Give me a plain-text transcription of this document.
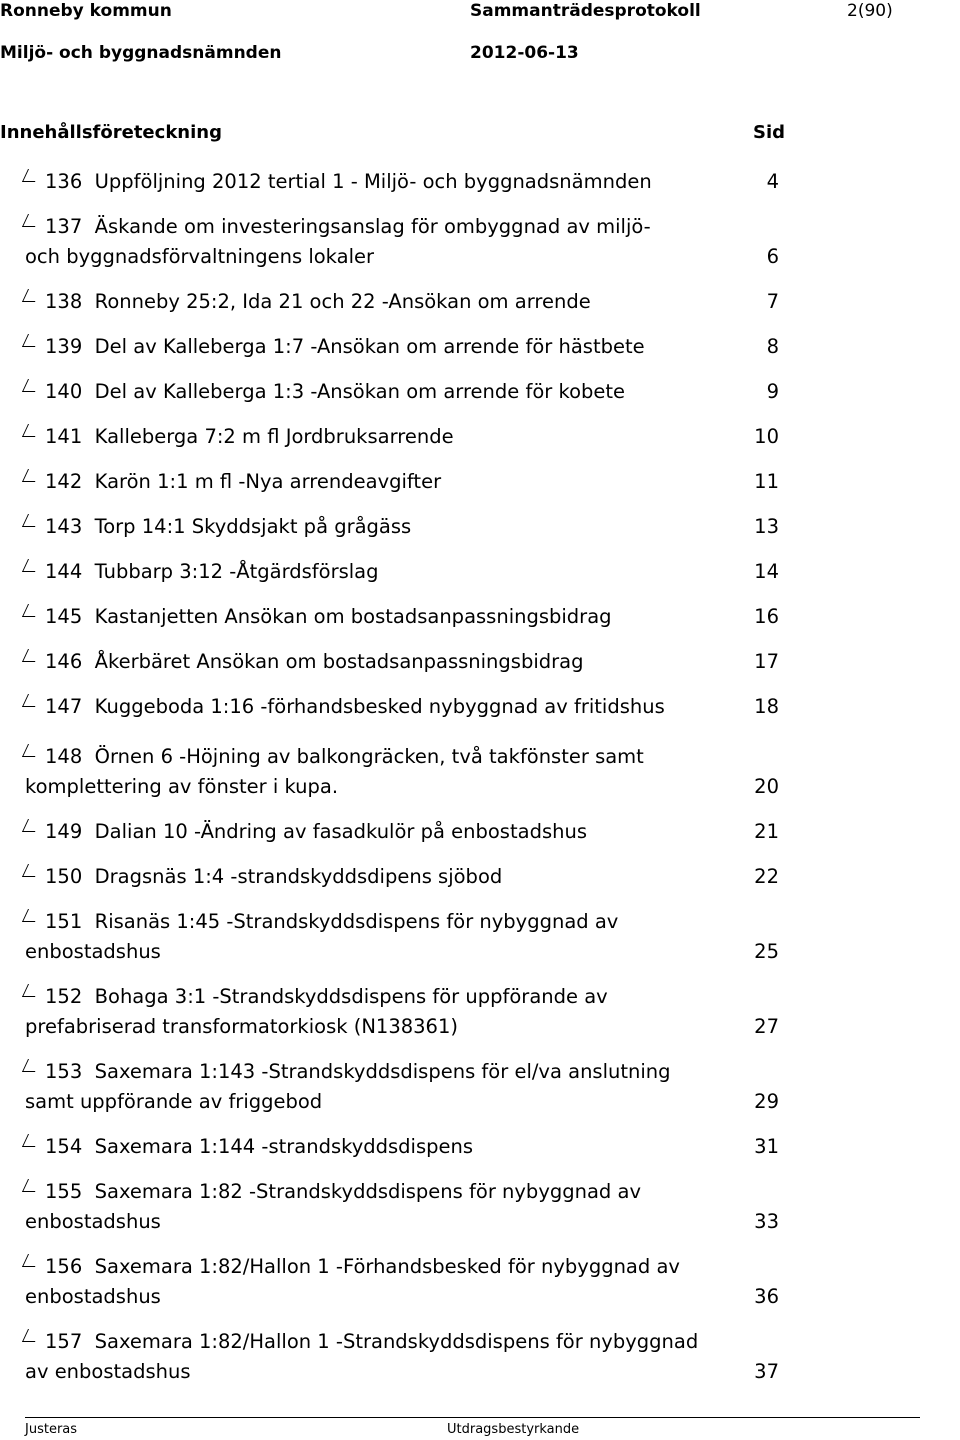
Ronneby kommun	Sammanträdesprotokoll	2(90)
Miljö- och byggnadsnämnden	2012-06-13
Innehållsföreteckning	Sid
136 Uppföljning 2012 tertial 1 - Miljö- och byggnadsnämnden	4
137 Äskande om investeringsanslag för ombyggnad av miljö-
och byggnadsförvaltningens lokaler	6
138 Ronneby 25:2, Ida 21 och 22 -Ansökan om arrende	7
139 Del av Kalleberga 1:7 -Ansökan om arrende för hästbete	8
140 Del av Kalleberga 1:3 -Ansökan om arrende för kobete	9
141 Kalleberga 7:2 m fl Jordbruksarrende	10
142 Karön 1:1 m fl -Nya arrendeavgifter	11
143 Torp 14:1 Skyddsjakt på grågäss	13
144 Tubbarp 3:12 -Åtgärdsförslag	14
145 Kastanjetten Ansökan om bostadsanpassningsbidrag	16
146 Åkerbäret Ansökan om bostadsanpassningsbidrag	17
147 Kuggeboda 1:16 -förhandsbesked nybyggnad av fritidshus	18
148 Örnen 6 -Höjning av balkongräcken, två takfönster samt
komplettering av fönster i kupa.	20
149 Dalian 10 -Ändring av fasadkulör på enbostadshus	21
150 Dragsnäs 1:4 -strandskyddsdipens sjöbod	22
151 Risanäs 1:45 -Strandskyddsdispens för nybyggnad av
enbostadshus	25
152 Bohaga 3:1 -Strandskyddsdispens för uppförande av
prefabriserad transformatorkiosk (N138361)	27
153 Saxemara 1:143 -Strandskyddsdispens för el/va anslutning
samt uppförande av friggebod	29
154 Saxemara 1:144 -strandskyddsdispens	31
155 Saxemara 1:82 -Strandskyddsdispens för nybyggnad av
enbostadshus	33
156 Saxemara 1:82/Hallon 1 -Förhandsbesked för nybyggnad av
enbostadshus	36
157 Saxemara 1:82/Hallon 1 -Strandskyddsdispens för nybyggnad
av enbostadshus	37
Justeras	Utdragsbestyrkande
